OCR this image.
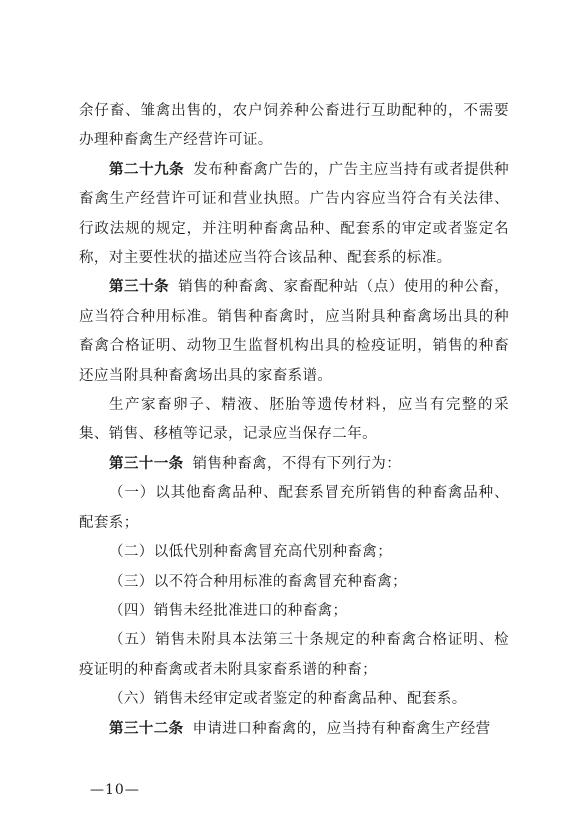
余仔畜、雏禽出售的，农户饲养种公畜进行互助配种的，不需要办理种畜禽生产经营许可证。

第二十九条 发布种畜禽广告的，广告主应当持有或者提供种畜禽生产经营许可证和营业执照。广告内容应当符合有关法律、行政法规的规定，并注明种畜禽品种、配套系的审定或者鉴定名称，对主要性状的描述应当符合该品种、配套系的标准。

第三十条 销售的种畜禽、家畜配种站（点）使用的种公畜，应当符合种用标准。销售种畜禽时，应当附具种畜禽场出具的种畜禽合格证明、动物卫生监督机构出具的检疫证明，销售的种畜还应当附具种畜禽场出具的家畜系谱。

生产家畜卵子、精液、胚胎等遗传材料，应当有完整的采集、销售、移植等记录，记录应当保存二年。

第三十一条 销售种畜禽，不得有下列行为：

（一）以其他畜禽品种、配套系冒充所销售的种畜禽品种、配套系；

（二）以低代别种畜禽冒充高代别种畜禽；

（三）以不符合种用标准的畜禽冒充种畜禽；

（四）销售未经批准进口的种畜禽；

（五）销售未附具本法第三十条规定的种畜禽合格证明、检疫证明的种畜禽或者未附具家畜系谱的种畜；

（六）销售未经审定或者鉴定的种畜禽品种、配套系。

第三十二条 申请进口种畜禽的，应当持有种畜禽生产经营

—10—
